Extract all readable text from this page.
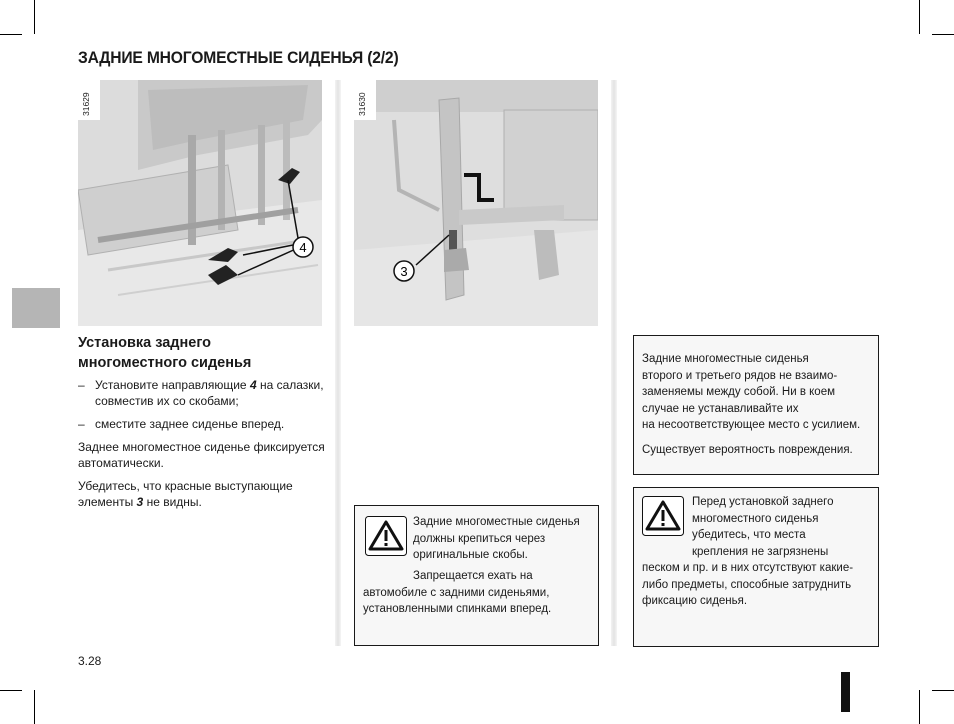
ЗАДНИЕ МНОГОМЕСТНЫЕ СИДЕНЬЯ (2/2)
4
31629
3
31630
Установка заднего
многоместного сиденья
– Установите направляющие 4 на салазки, совместив их со скобами;
– сместите заднее сиденье вперед.

Заднее многоместное сиденье фиксируется автоматически.

Убедитесь, что красные выступающие элементы 3 не видны.

Задние многоместные сиденья должны крепиться через оригинальные скобы.

Запрещается ехать на автомобиле с задними сиденьями, установленными спинками вперед.

Задние многоместные сиденья
второго и третьего рядов не взаимо-
заменяемы между собой. Ни в коем
случае не устанавливайте их
на несоответствующее место с усилием.
Существует вероятность повреждения.
Перед установкой заднего
многоместного сиденья
убедитесь, что места
крепления не загрязнены
песком и пр. и в них отсутствуют какие-
либо предметы, способные затруднить
фиксацию сиденья.
3.28
